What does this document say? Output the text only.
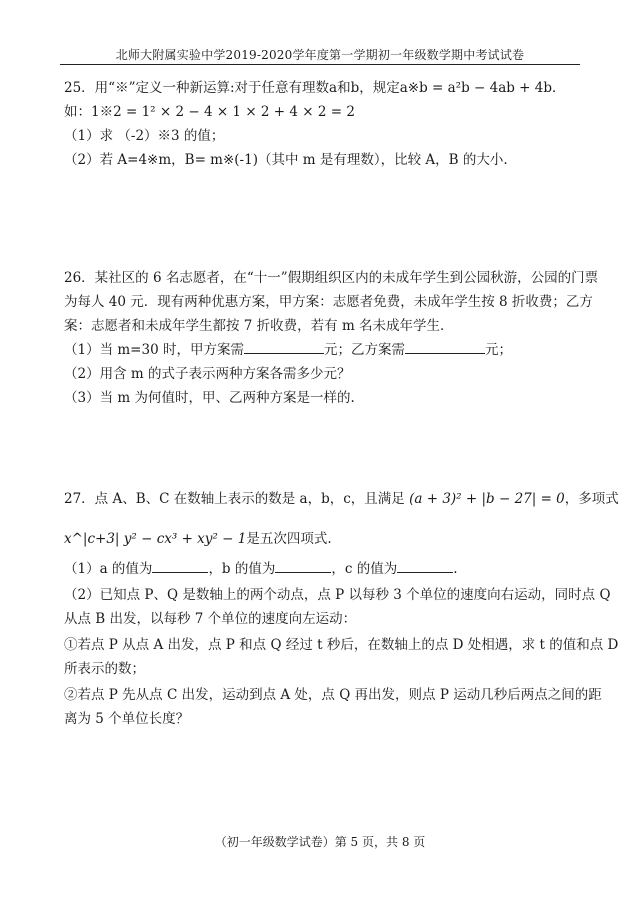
北师大附属实验中学2019-2020学年度第一学期初一年级数学期中考试试卷
25．用“※”定义一种新运算:对于任意有理数a和b，规定a※b = a²b − 4ab + 4b．
如：1※2 = 1² × 2 − 4 × 1 × 2 + 4 × 2 = 2
（1）求 （-2）※3 的值；
（2）若 A=4※m，B= m※(-1)（其中 m 是有理数），比较 A，B 的大小.
26．某社区的 6 名志愿者，在“十一”假期组织区内的未成年学生到公园秋游，公园的门票
为每人 40 元．现有两种优惠方案，甲方案：志愿者免费，未成年学生按 8 折收费；乙方
案：志愿者和未成年学生都按 7 折收费，若有 m 名未成年学生．
（1）当 m=30 时，甲方案需	元；乙方案需	元；
（2）用含 m 的式子表示两种方案各需多少元？
（3）当 m 为何值时，甲、乙两种方案是一样的.
27．点 A、B、C 在数轴上表示的数是 a，b，c，且满足 (a + 3)² + |b − 27| = 0，多项式
x^|c+3| y² − cx³ + xy² − 1是五次四项式.
（1）a 的值为	，b 的值为	，c 的值为	.
（2）已知点 P、Q 是数轴上的两个动点，点 P 以每秒 3 个单位的速度向右运动，同时点 Q
从点 B 出发，以每秒 7 个单位的速度向左运动：
①若点 P 从点 A 出发，点 P 和点 Q 经过 t 秒后，在数轴上的点 D 处相遇，求 t 的值和点 D
所表示的数；
②若点 P 先从点 C 出发，运动到点 A 处，点 Q 再出发，则点 P 运动几秒后两点之间的距
离为 5 个单位长度？
（初一年级数学试卷）第 5 页，共 8 页
